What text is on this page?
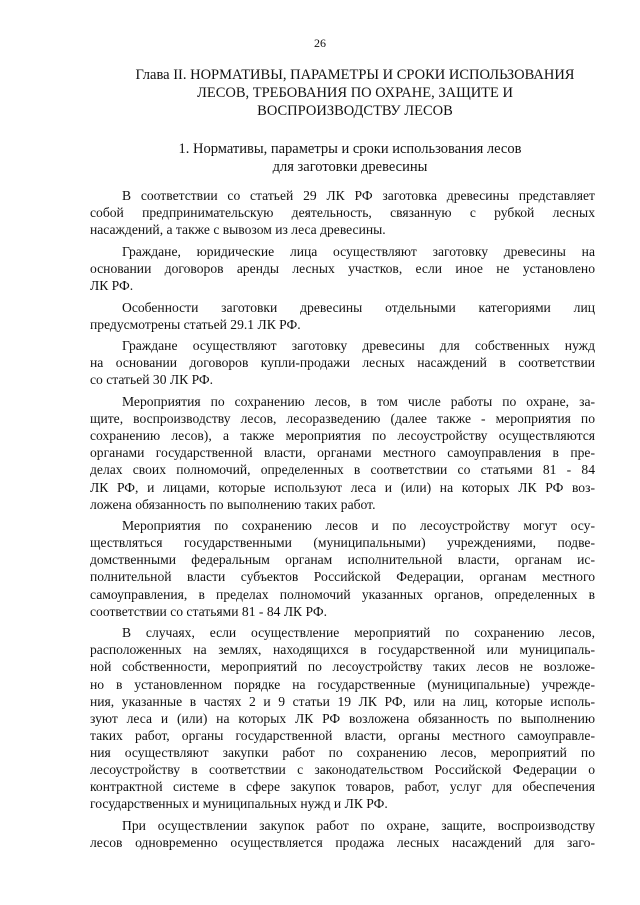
26
Глава II. НОРМАТИВЫ, ПАРАМЕТРЫ И СРОКИ ИСПОЛЬЗОВАНИЯ
ЛЕСОВ, ТРЕБОВАНИЯ ПО ОХРАНЕ, ЗАЩИТЕ И
ВОСПРОИЗВОДСТВУ ЛЕСОВ
1. Нормативы, параметры и сроки использования лесов
для заготовки древесины
В соответствии со статьей 29 ЛК РФ заготовка древесины представляет
собой предпринимательскую деятельность, связанную с рубкой лесных
насаждений, а также с вывозом из леса древесины.
Граждане, юридические лица осуществляют заготовку древесины на
основании договоров аренды лесных участков, если иное не установлено
ЛК РФ.
Особенности заготовки древесины отдельными категориями лиц
предусмотрены статьей 29.1 ЛК РФ.
Граждане осуществляют заготовку древесины для собственных нужд
на основании договоров купли-продажи лесных насаждений в соответствии
со статьей 30 ЛК РФ.
Мероприятия по сохранению лесов, в том числе работы по охране, за-
щите, воспроизводству лесов, лесоразведению (далее также - мероприятия по
сохранению лесов), а также мероприятия по лесоустройству осуществляются
органами государственной власти, органами местного самоуправления в пре-
делах своих полномочий, определенных в соответствии со статьями 81 - 84
ЛК РФ, и лицами, которые используют леса и (или) на которых ЛК РФ воз-
ложена обязанность по выполнению таких работ.
Мероприятия по сохранению лесов и по лесоустройству могут осу-
ществляться государственными (муниципальными) учреждениями, подве-
домственными федеральным органам исполнительной власти, органам ис-
полнительной власти субъектов Российской Федерации, органам местного
самоуправления, в пределах полномочий указанных органов, определенных в
соответствии со статьями 81 - 84 ЛК РФ.
В случаях, если осуществление мероприятий по сохранению лесов,
расположенных на землях, находящихся в государственной или муниципаль-
ной собственности, мероприятий по лесоустройству таких лесов не возложе-
но в установленном порядке на государственные (муниципальные) учрежде-
ния, указанные в частях 2 и 9 статьи 19 ЛК РФ, или на лиц, которые исполь-
зуют леса и (или) на которых ЛК РФ возложена обязанность по выполнению
таких работ, органы государственной власти, органы местного самоуправле-
ния осуществляют закупки работ по сохранению лесов, мероприятий по
лесоустройству в соответствии с законодательством Российской Федерации о
контрактной системе в сфере закупок товаров, работ, услуг для обеспечения
государственных и муниципальных нужд и ЛК РФ.
При осуществлении закупок работ по охране, защите, воспроизводству
лесов одновременно осуществляется продажа лесных насаждений для заго-
